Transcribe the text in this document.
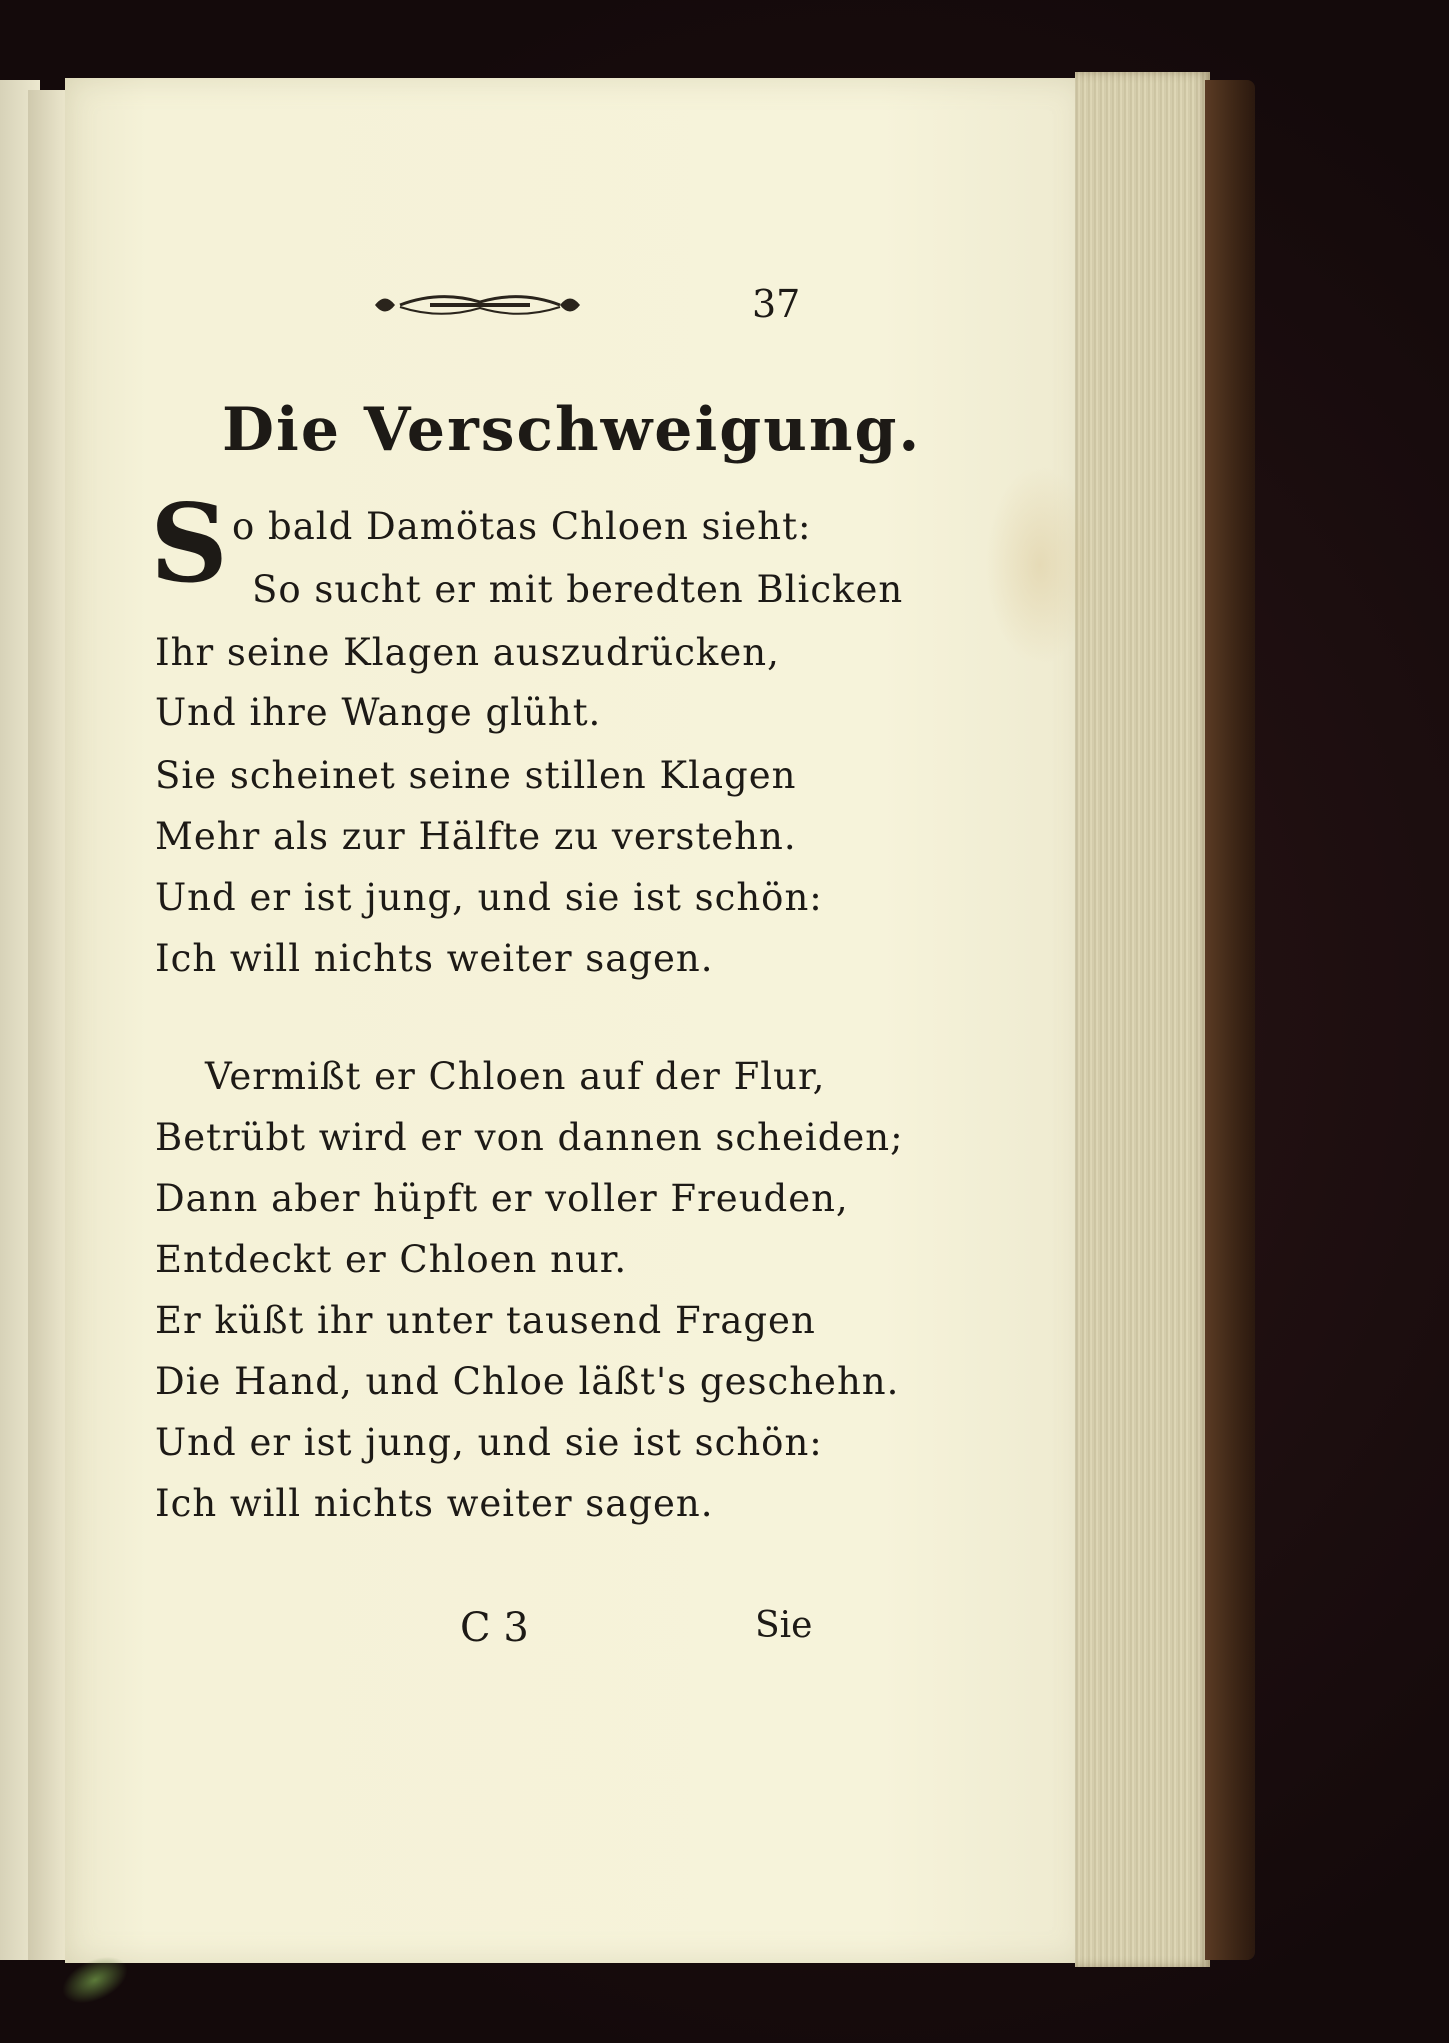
37
Die Verschweigung.
S o bald Damötas Chloen sieht:
So sucht er mit beredten Blicken
Ihr seine Klagen auszudrücken,
Und ihre Wange glüht.
Sie scheinet seine stillen Klagen
Mehr als zur Hälfte zu verstehn.
Und er ist jung, und sie ist schön:
Ich will nichts weiter sagen.
Vermißt er Chloen auf der Flur,
Betrübt wird er von dannen scheiden;
Dann aber hüpft er voller Freuden,
Entdeckt er Chloen nur.
Er küßt ihr unter tausend Fragen
Die Hand, und Chloe läßt's geschehn.
Und er ist jung, und sie ist schön:
Ich will nichts weiter sagen.
C 3	Sie
